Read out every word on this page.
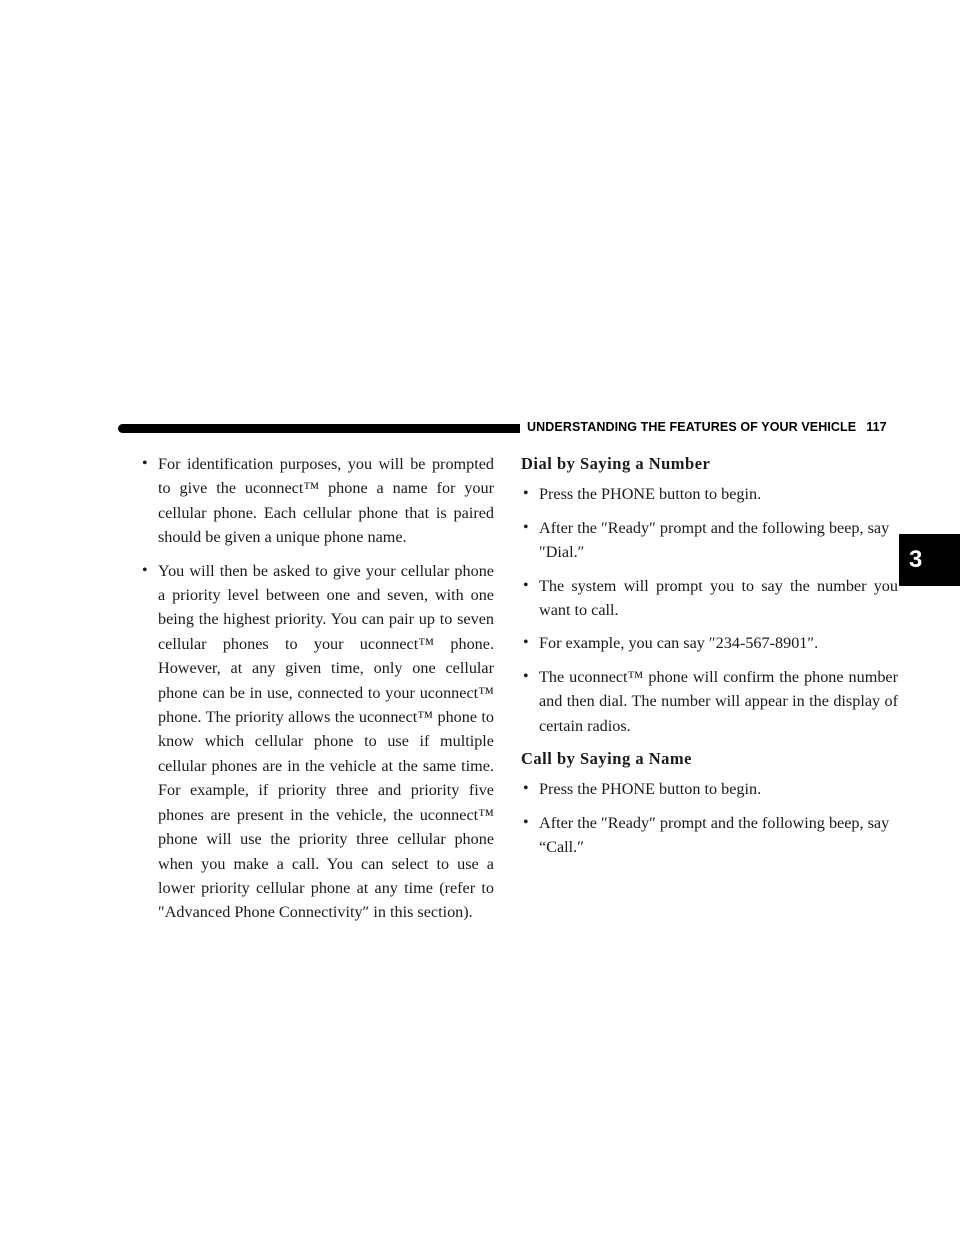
UNDERSTANDING THE FEATURES OF YOUR VEHICLE 117
3
• For identification purposes, you will be prompted to give the uconnect™ phone a name for your cellular phone. Each cellular phone that is paired should be given a unique phone name.
• You will then be asked to give your cellular phone a priority level between one and seven, with one being the highest priority. You can pair up to seven cellular phones to your uconnect™ phone. However, at any given time, only one cellular phone can be in use, connected to your uconnect™ phone. The priority allows the uconnect™ phone to know which cellular phone to use if multiple cellular phones are in the vehicle at the same time. For example, if priority three and priority five phones are present in the vehicle, the uconnect™ phone will use the priority three cellular phone when you make a call. You can select to use a lower priority cellular phone at any time (refer to ″Advanced Phone Connectivity″ in this section).
Dial by Saying a Number
• Press the PHONE button to begin.
• After the ″Ready″ prompt and the following beep, say ″Dial.″
• The system will prompt you to say the number you want to call.
• For example, you can say ″234-567-8901″.
• The uconnect™ phone will confirm the phone number and then dial. The number will appear in the display of certain radios.
Call by Saying a Name
• Press the PHONE button to begin.
• After the ″Ready″ prompt and the following beep, say “Call.″
